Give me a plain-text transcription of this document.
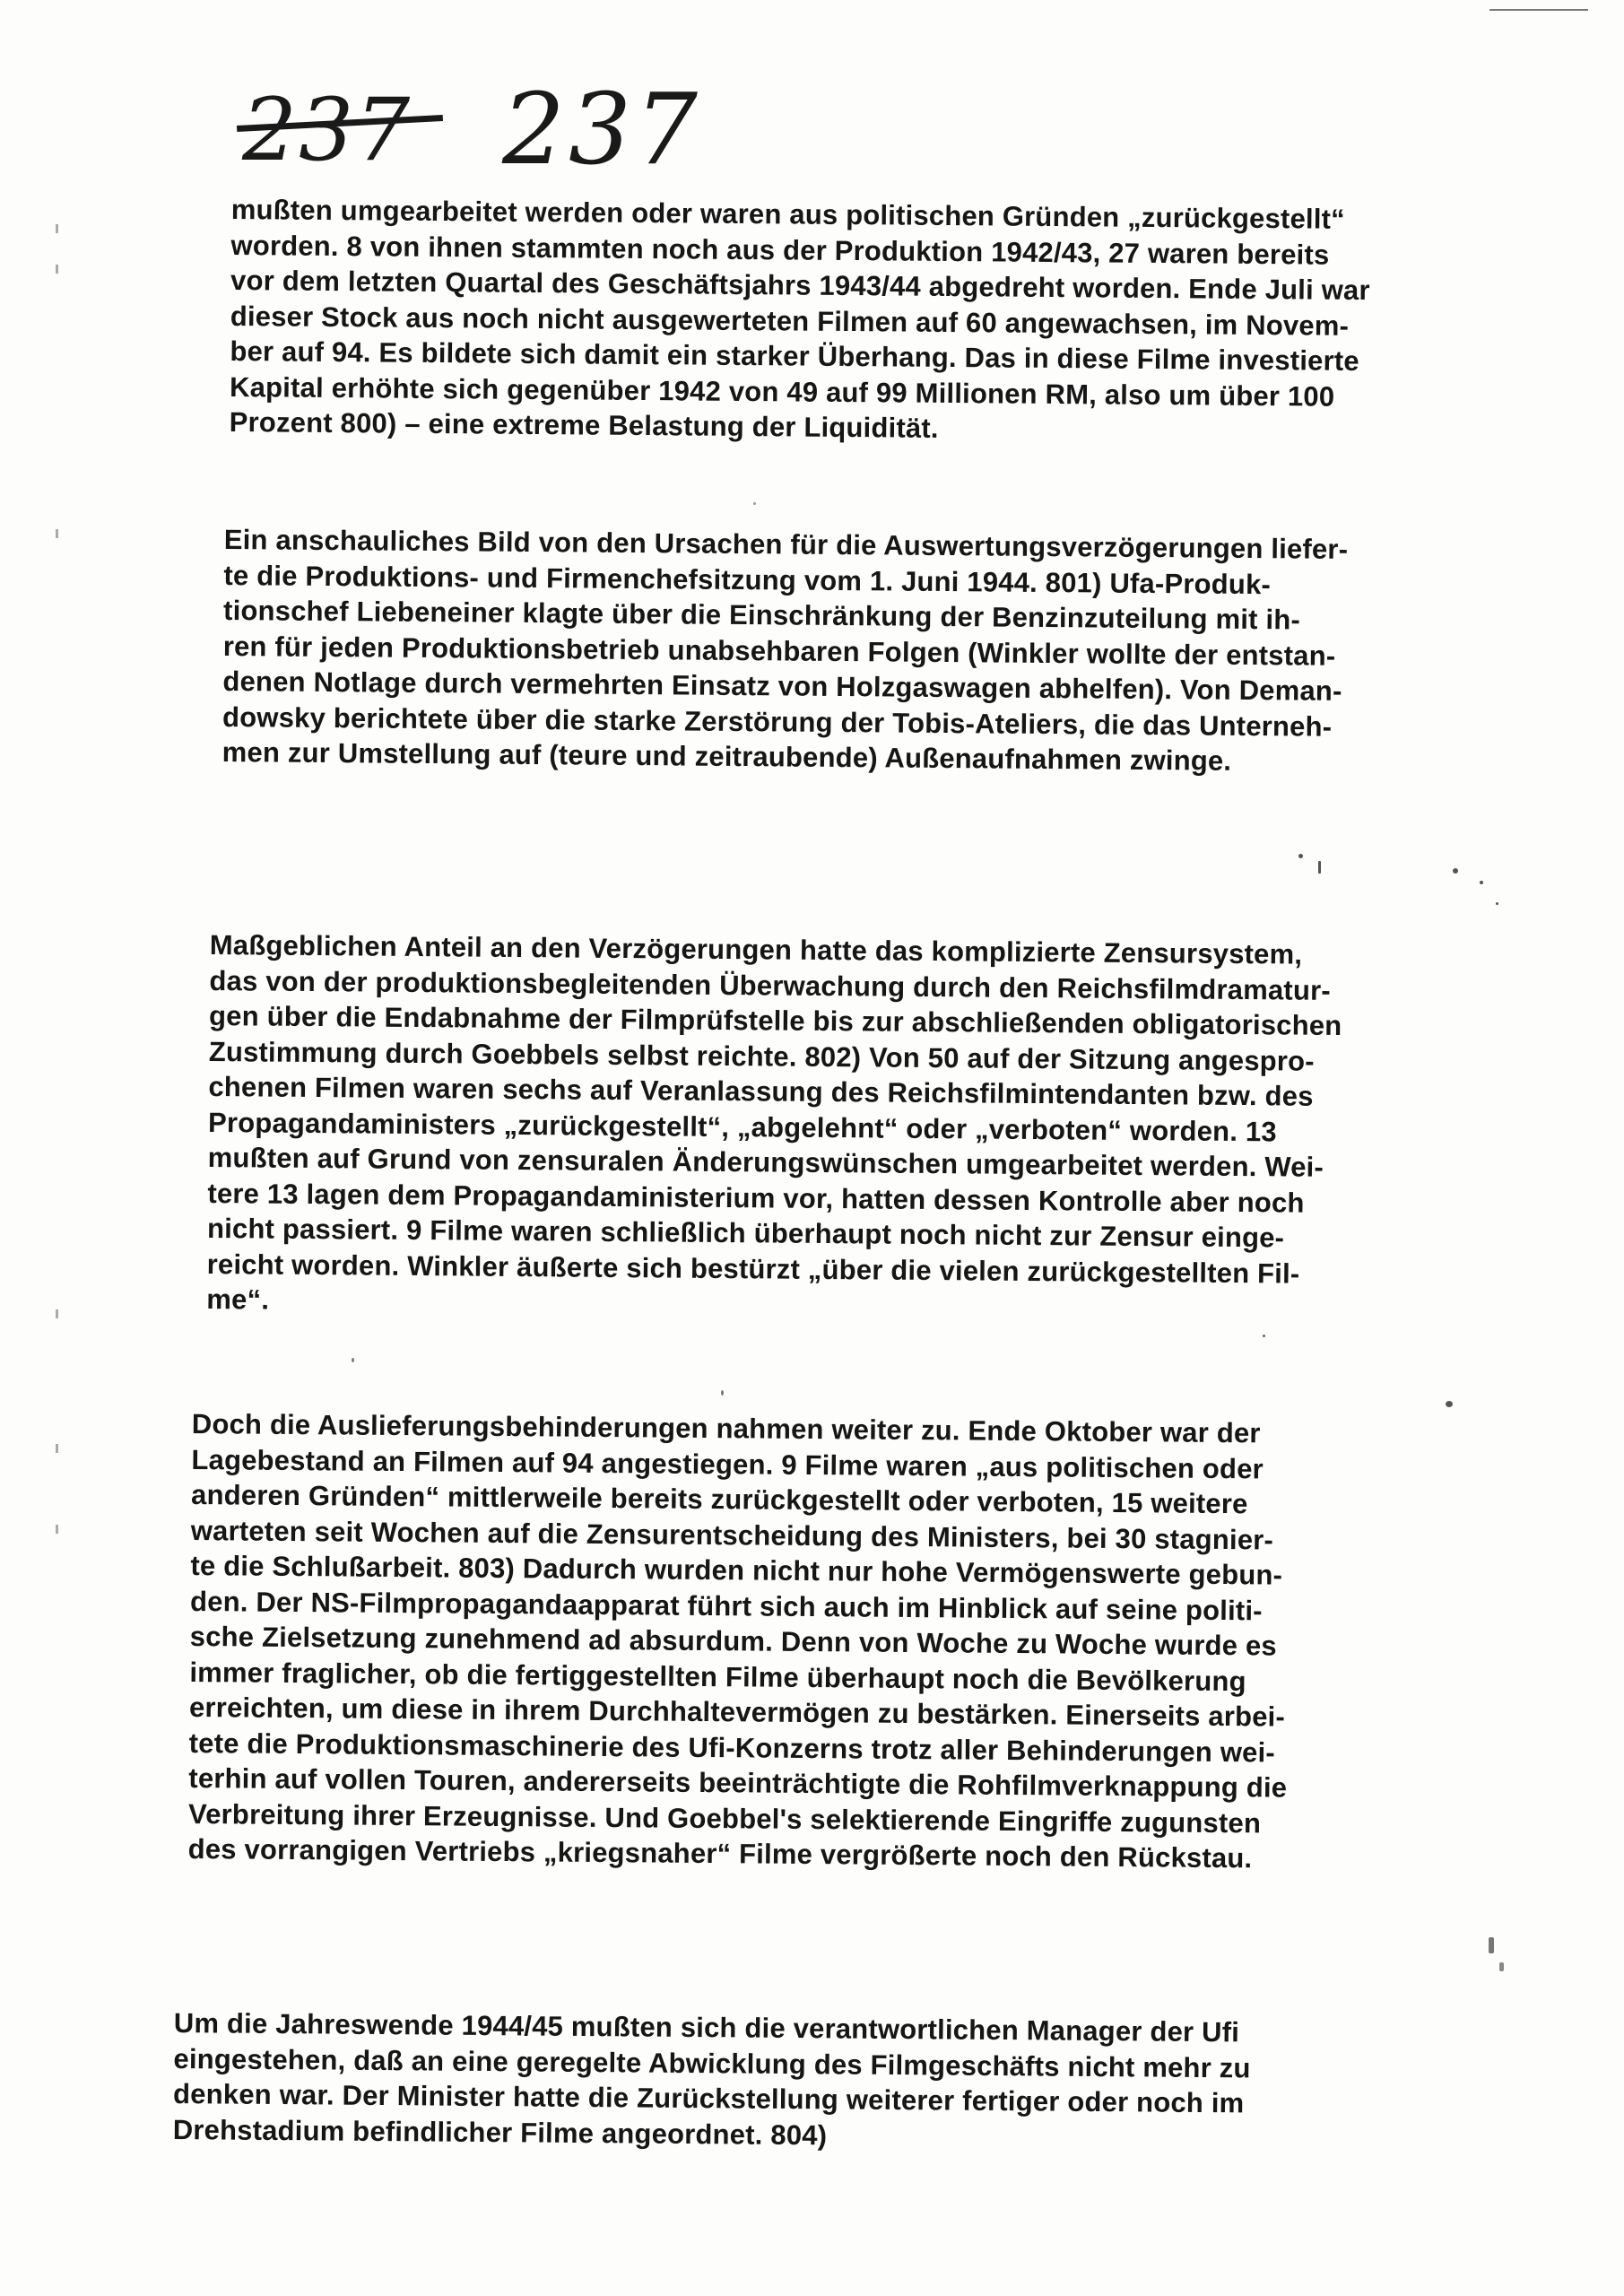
237 237
mußten umgearbeitet werden oder waren aus politischen Gründen „zurückgestellt“
worden. 8 von ihnen stammten noch aus der Produktion 1942/43, 27 waren bereits
vor dem letzten Quartal des Geschäftsjahrs 1943/44 abgedreht worden. Ende Juli war
dieser Stock aus noch nicht ausgewerteten Filmen auf 60 angewachsen, im Novem-
ber auf 94. Es bildete sich damit ein starker Überhang. Das in diese Filme investierte
Kapital erhöhte sich gegenüber 1942 von 49 auf 99 Millionen RM, also um über 100
Prozent 800) – eine extreme Belastung der Liquidität.
Ein anschauliches Bild von den Ursachen für die Auswertungsverzögerungen liefer-
te die Produktions- und Firmenchefsitzung vom 1. Juni 1944. 801) Ufa-Produk-
tionschef Liebeneiner klagte über die Einschränkung der Benzinzuteilung mit ih-
ren für jeden Produktionsbetrieb unabsehbaren Folgen (Winkler wollte der entstan-
denen Notlage durch vermehrten Einsatz von Holzgaswagen abhelfen). Von Deman-
dowsky berichtete über die starke Zerstörung der Tobis-Ateliers, die das Unterneh-
men zur Umstellung auf (teure und zeitraubende) Außenaufnahmen zwinge.
Maßgeblichen Anteil an den Verzögerungen hatte das komplizierte Zensursystem,
das von der produktionsbegleitenden Überwachung durch den Reichsfilmdramatur-
gen über die Endabnahme der Filmprüfstelle bis zur abschließenden obligatorischen
Zustimmung durch Goebbels selbst reichte. 802) Von 50 auf der Sitzung angespro-
chenen Filmen waren sechs auf Veranlassung des Reichsfilmintendanten bzw. des
Propagandaministers „zurückgestellt“, „abgelehnt“ oder „verboten“ worden. 13
mußten auf Grund von zensuralen Änderungswünschen umgearbeitet werden. Wei-
tere 13 lagen dem Propagandaministerium vor, hatten dessen Kontrolle aber noch
nicht passiert. 9 Filme waren schließlich überhaupt noch nicht zur Zensur einge-
reicht worden. Winkler äußerte sich bestürzt „über die vielen zurückgestellten Fil-
me“.
Doch die Auslieferungsbehinderungen nahmen weiter zu. Ende Oktober war der
Lagebestand an Filmen auf 94 angestiegen. 9 Filme waren „aus politischen oder
anderen Gründen“ mittlerweile bereits zurückgestellt oder verboten, 15 weitere
warteten seit Wochen auf die Zensurentscheidung des Ministers, bei 30 stagnier-
te die Schlußarbeit. 803) Dadurch wurden nicht nur hohe Vermögenswerte gebun-
den. Der NS-Filmpropagandaapparat führt sich auch im Hinblick auf seine politi-
sche Zielsetzung zunehmend ad absurdum. Denn von Woche zu Woche wurde es
immer fraglicher, ob die fertiggestellten Filme überhaupt noch die Bevölkerung
erreichten, um diese in ihrem Durchhaltevermögen zu bestärken. Einerseits arbei-
tete die Produktionsmaschinerie des Ufi-Konzerns trotz aller Behinderungen wei-
terhin auf vollen Touren, andererseits beeinträchtigte die Rohfilmverknappung die
Verbreitung ihrer Erzeugnisse. Und Goebbel's selektierende Eingriffe zugunsten
des vorrangigen Vertriebs „kriegsnaher“ Filme vergrößerte noch den Rückstau.
Um die Jahreswende 1944/45 mußten sich die verantwortlichen Manager der Ufi
eingestehen, daß an eine geregelte Abwicklung des Filmgeschäfts nicht mehr zu
denken war. Der Minister hatte die Zurückstellung weiterer fertiger oder noch im
Drehstadium befindlicher Filme angeordnet. 804)
